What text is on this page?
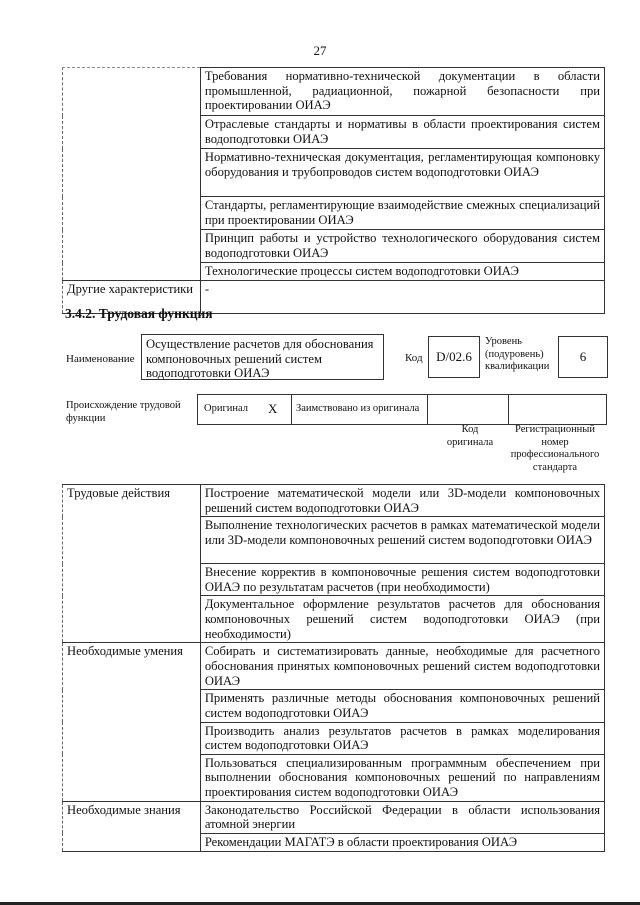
27
	Требования нормативно-технической документации в области промышленной, радиационной, пожарной безопасности при проектировании ОИАЭ
	Отраслевые стандарты и нормативы в области проектирования систем водоподготовки ОИАЭ
	Нормативно-техническая документация, регламентирующая компоновку оборудования и трубопроводов систем водоподготовки ОИАЭ
	Стандарты, регламентирующие взаимодействие смежных специализаций при проектировании ОИАЭ
	Принцип работы и устройство технологического оборудования систем водоподготовки ОИАЭ
	Технологические процессы систем водоподготовки ОИАЭ
Другие характеристики	-
3.4.2. Трудовая функция
Наименование
Осуществление расчетов для обоснования компоновочных решений систем водоподготовки ОИАЭ
Код D/02.6
Уровень (подуровень) квалификации
6
Происхождение трудовой функции
Оригинал X Заимствовано из оригинала
Код оригинала
Регистрационный номер профессионального стандарта
Трудовые действия	Построение математической модели или 3D-модели компоновочных решений систем водоподготовки ОИАЭ
	Выполнение технологических расчетов в рамках математической модели или 3D-модели компоновочных решений систем водоподготовки ОИАЭ
	Внесение корректив в компоновочные решения систем водоподготовки ОИАЭ по результатам расчетов (при необходимости)
	Документальное оформление результатов расчетов для обоснования компоновочных решений систем водоподготовки ОИАЭ (при необходимости)
Необходимые умения	Собирать и систематизировать данные, необходимые для расчетного обоснования принятых компоновочных решений систем водоподготовки ОИАЭ
	Применять различные методы обоснования компоновочных решений систем водоподготовки ОИАЭ
	Производить анализ результатов расчетов в рамках моделирования систем водоподготовки ОИАЭ
	Пользоваться специализированным программным обеспечением при выполнении обоснования компоновочных решений по направлениям проектирования систем водоподготовки ОИАЭ
Необходимые знания	Законодательство Российской Федерации в области использования атомной энергии
	Рекомендации МАГАТЭ в области проектирования ОИАЭ
